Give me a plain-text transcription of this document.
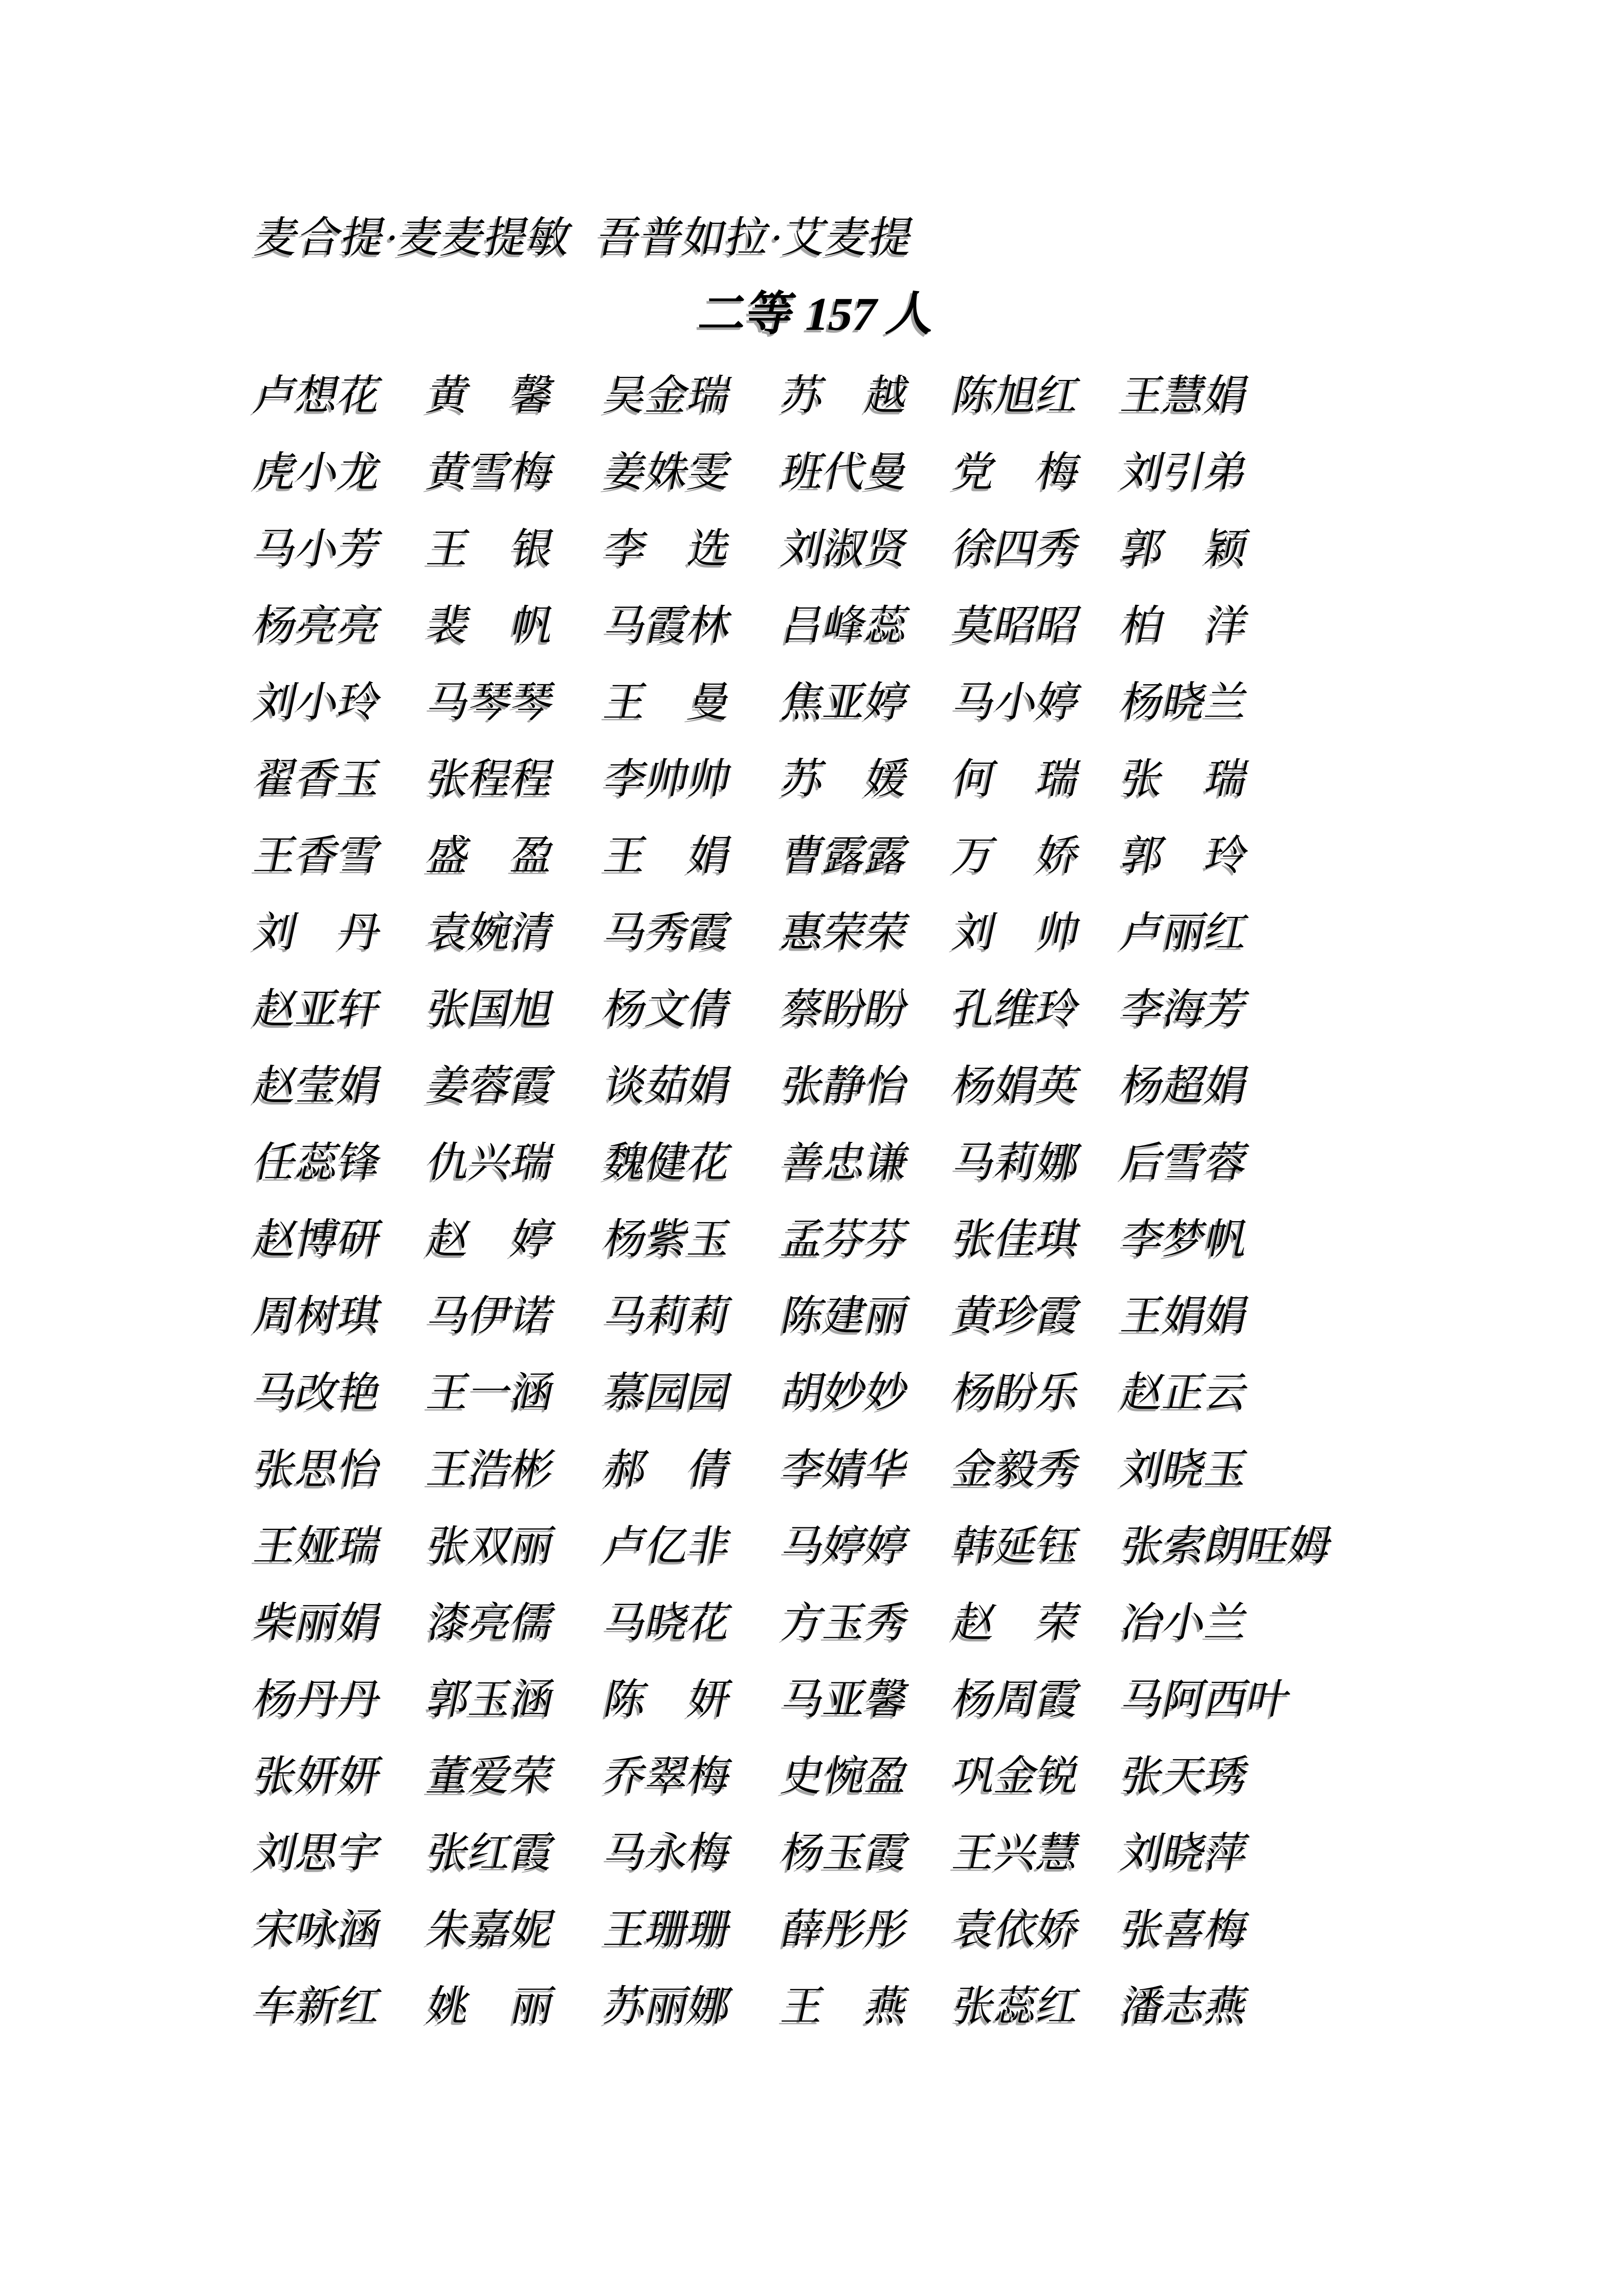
麦合提·麦麦提敏 吾普如拉·艾麦提
二等 157 人
卢想花 黄　馨 吴金瑞 苏　越 陈旭红 王慧娟
虎小龙 黄雪梅 姜姝雯 班代曼 党　梅 刘引弟
马小芳 王　银 李　选 刘淑贤 徐四秀 郭　颖
杨亮亮 裴　帆 马霞林 吕峰蕊 莫昭昭 柏　洋
刘小玲 马琴琴 王　曼 焦亚婷 马小婷 杨晓兰
翟香玉 张程程 李帅帅 苏　媛 何　瑞 张　瑞
王香雪 盛　盈 王　娟 曹露露 万　娇 郭　玲
刘　丹 袁婉清 马秀霞 惠荣荣 刘　帅 卢丽红
赵亚轩 张国旭 杨文倩 蔡盼盼 孔维玲 李海芳
赵莹娟 姜蓉霞 谈茹娟 张静怡 杨娟英 杨超娟
任蕊锋 仇兴瑞 魏健花 善忠谦 马莉娜 后雪蓉
赵博研 赵　婷 杨紫玉 孟芬芬 张佳琪 李梦帆
周树琪 马伊诺 马莉莉 陈建丽 黄珍霞 王娟娟
马改艳 王一涵 慕园园 胡妙妙 杨盼乐 赵正云
张思怡 王浩彬 郝　倩 李婧华 金毅秀 刘晓玉
王娅瑞 张双丽 卢亿非 马婷婷 韩延钰 张索朗旺姆
柴丽娟 漆亮儒 马晓花 方玉秀 赵　荣 冶小兰
杨丹丹 郭玉涵 陈　妍 马亚馨 杨周霞 马阿西叶
张妍妍 董爱荣 乔翠梅 史惋盈 巩金锐 张天琇
刘思宇 张红霞 马永梅 杨玉霞 王兴慧 刘晓萍
宋咏涵 朱嘉妮 王珊珊 薛彤彤 袁依娇 张喜梅
车新红 姚　丽 苏丽娜 王　燕 张蕊红 潘志燕
